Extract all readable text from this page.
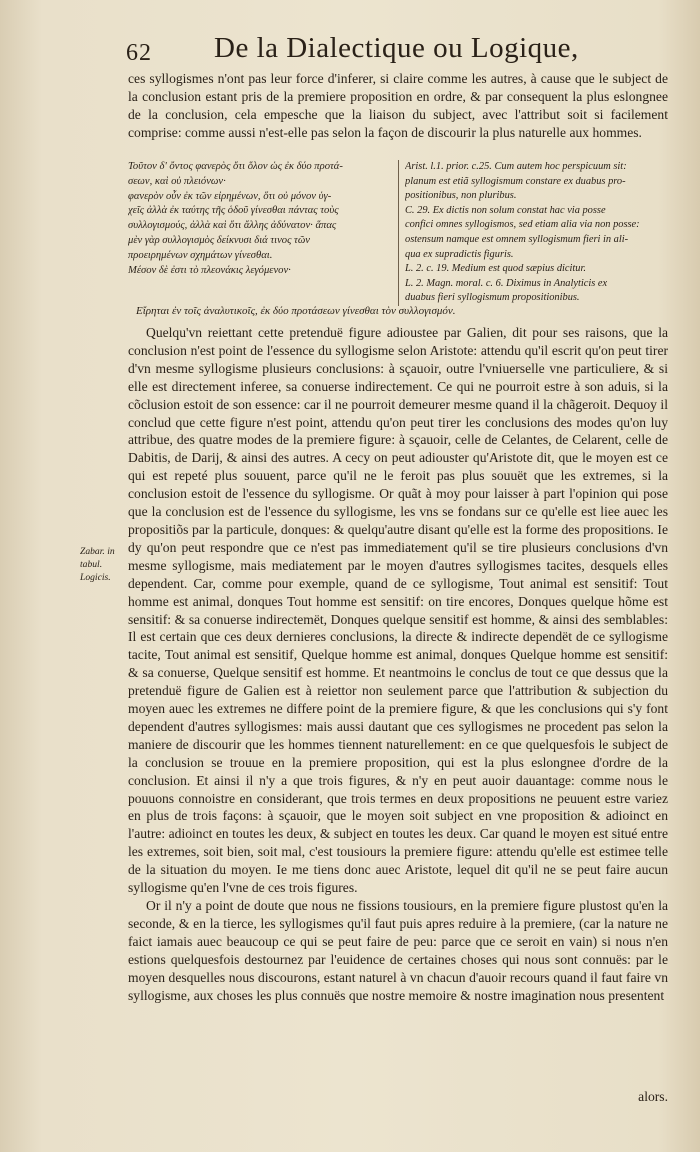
62 De la Dialectique ou Logique,

ces syllogismes n'ont pas leur force d'inferer, si claire comme les autres, à cause que le subject de la conclusion estant pris de la premiere proposition en ordre, & par consequent la plus eslongnee de la conclusion, cela empesche que la liaison du subject, avec l'attribut soit si facilement comprise: comme aussi n'est-elle pas selon la façon de discourir la plus naturelle aux hommes.

Τοῦτον δ' ὄντος φανερὸς ὅτι ὅλον ὡς ἐκ δύο προτά-
σεων, καὶ οὐ πλειόνων·
φανερὸν οὖν ἐκ τῶν εἰρημένων, ὅτι οὐ μόνον ὑγ-
χεῖς ἀλλὰ ἐκ ταύτης τῆς ὁδοῦ γίνεσθαι πάντας τοὺς
συλλογισμούς, ἀλλὰ καὶ ὅτι ἄλλης ἀδύνατον· ἅπας
μὲν γὰρ συλλογισμὸς δείκνυσι διά τινος τῶν
προειρημένων σχημάτων γίνεσθαι.
Μέσον δὲ ἐστι τὸ πλεονάκις λεγόμενον·
Arist. l.1. prior. c.25. Cum autem hoc perspicuum sit:
planum est etiã syllogismum constare ex duabus pro-
positionibus, non pluribus.
C. 29. Ex dictis non solum constat hac via posse
confici omnes syllogismos, sed etiam alia via non posse:
ostensum namque est omnem syllogismum fieri in ali-
qua ex supradictis figuris.
L. 2. c. 19. Medium est quod sæpius dicitur.
L. 2. Magn. moral. c. 6. Diximus in Analyticis ex
duabus fieri syllogismum propositionibus.
Εἴρηται ἐν τοῖς ἀναλυτικοῖς, ἐκ δύο προτάσεων γίνεσθαι τὸν συλλογισμόν.
Zabar. in tabul. Logicis.

Quelqu'vn reiettant cette pretenduë figure adioustee par Galien, dit pour ses raisons, que la conclusion n'est point de l'essence du syllogisme selon Aristote: attendu qu'il escrit qu'on peut tirer d'vn mesme syllogisme plusieurs conclusions: à sçauoir, outre l'vniuerselle vne particuliere, & si elle est directement inferee, sa conuerse indirectement. Ce qui ne pourroit estre à son aduis, si la cõclusion estoit de son essence: car il ne pourroit demeurer mesme quand il la chãgeroit. Dequoy il conclud que cette figure n'est point, attendu qu'on peut tirer les conclusions des modes qu'on luy attribue, des quatre modes de la premiere figure: à sçauoir, celle de Celantes, de Celarent, celle de Dabitis, de Darij, & ainsi des autres. A cecy on peut adiouster qu'Aristote dit, que le moyen est ce qui est repeté plus souuent, parce qu'il ne le feroit pas plus souuët que les extremes, si la conclusion estoit de l'essence du syllogisme. Or quãt à moy pour laisser à part l'opinion qui pose que la conclusion est de l'essence du syllogisme, les vns se fondans sur ce qu'elle est liee auec les propositiõs par la particule, donques: & quelqu'autre disant qu'elle est la forme des propositions. Ie dy qu'on peut respondre que ce n'est pas immediatement qu'il se tire plusieurs conclusions d'vn mesme syllogisme, mais mediatement par le moyen d'autres syllogismes tacites, desquels elles dependent. Car, comme pour exemple, quand de ce syllogisme, Tout animal est sensitif: Tout homme est animal, donques Tout homme est sensitif: on tire encores, Donques quelque hõme est sensitif: & sa conuerse indirectemët, Donques quelque sensitif est homme, & ainsi des semblables: Il est certain que ces deux dernieres conclusions, la directe & indirecte dependët de ce syllogisme tacite, Tout animal est sensitif, Quelque homme est animal, donques Quelque homme est sensitif: & sa conuerse, Quelque sensitif est homme. Et neantmoins le conclus de tout ce que dessus que la pretenduë figure de Galien est à reiettor non seulement parce que l'attribution & subjection du moyen auec les extremes ne differe point de la premiere figure, & que les conclusions qui s'y font dependent d'autres syllogismes: mais aussi dautant que ces syllogismes ne procedent pas selon la maniere de discourir que les hommes tiennent naturellement: en ce que quelquesfois le subject de la conclusion se trouue en la premiere proposition, qui est la plus eslongnee d'ordre de la conclusion. Et ainsi il n'y a que trois figures, & n'y en peut auoir dauantage: comme nous le pouuons connoistre en considerant, que trois termes en deux propositions ne peuuent estre variez en plus de trois façons: à sçauoir, que le moyen soit subject en vne proposition & adioinct en l'autre: adioinct en toutes les deux, & subject en toutes les deux. Car quand le moyen est situé entre les extremes, soit bien, soit mal, c'est tousiours la premiere figure: attendu qu'elle est estimee telle de la situation du moyen. Ie me tiens donc auec Aristote, lequel dit qu'il ne se peut faire aucun syllogisme qu'en l'vne de ces trois figures.

Or il n'y a point de doute que nous ne fissions tousiours, en la premiere figure plustost qu'en la seconde, & en la tierce, les syllogismes qu'il faut puis apres reduire à la premiere, (car la nature ne faict iamais auec beaucoup ce qui se peut faire de peu: parce que ce seroit en vain) si nous n'en estions quelquesfois destournez par l'euidence de certaines choses qui nous sont connuës: par le moyen desquelles nous discourons, estant naturel à vn chacun d'auoir recours quand il faut faire vn syllogisme, aux choses les plus connuës que nostre memoire & nostre imagination nous presentent

alors.
